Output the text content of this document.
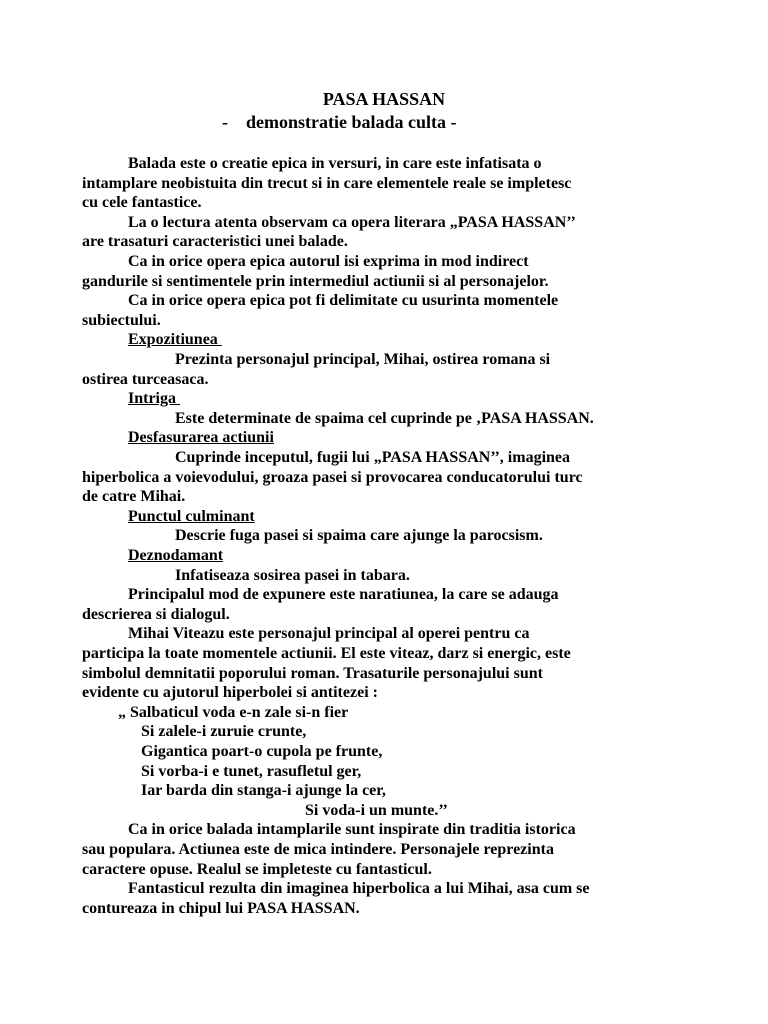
PASA HASSAN
-    demonstratie balada culta -
Balada este o creatie epica in versuri, in care este infatisata o
intamplare neobistuita din trecut si in care elementele reale se impletesc
cu cele fantastice.
La o lectura atenta observam ca opera literara „PASA HASSAN’’
are trasaturi caracteristici unei balade.
Ca in orice opera epica autorul isi exprima in mod indirect
gandurile si sentimentele prin intermediul actiunii si al personajelor.
Ca in orice opera epica pot fi delimitate cu usurinta momentele
subiectului.
Expozitiunea
Prezinta personajul principal, Mihai, ostirea romana si
ostirea turceasaca.
Intriga
Este determinate de spaima cel cuprinde pe ‚PASA HASSAN.
Desfasurarea actiunii
Cuprinde inceputul, fugii lui „PASA HASSAN’’, imaginea
hiperbolica a voievodului, groaza pasei si provocarea conducatorului turc
de catre Mihai.
Punctul culminant
Descrie fuga pasei si spaima care ajunge la parocsism.
Deznodamant
Infatiseaza sosirea pasei in tabara.
Principalul mod de expunere este naratiunea, la care se adauga
descrierea si dialogul.
Mihai Viteazu este personajul principal al operei pentru ca
participa la toate momentele actiunii. El este viteaz, darz si energic, este
simbolul demnitatii poporului roman. Trasaturile personajului sunt
evidente cu ajutorul hiperbolei si antitezei :
„ Salbaticul voda e-n zale si-n fier
Si zalele-i zuruie crunte,
Gigantica poart-o cupola pe frunte,
Si vorba-i e tunet, rasufletul ger,
Iar barda din stanga-i ajunge la cer,
Si voda-i un munte.’’
Ca in orice balada intamplarile sunt inspirate din traditia istorica
sau populara. Actiunea este de mica intindere. Personajele reprezinta
caractere opuse. Realul se impleteste cu fantasticul.
Fantasticul rezulta din imaginea hiperbolica a lui Mihai, asa cum se
contureaza in chipul lui PASA HASSAN.
